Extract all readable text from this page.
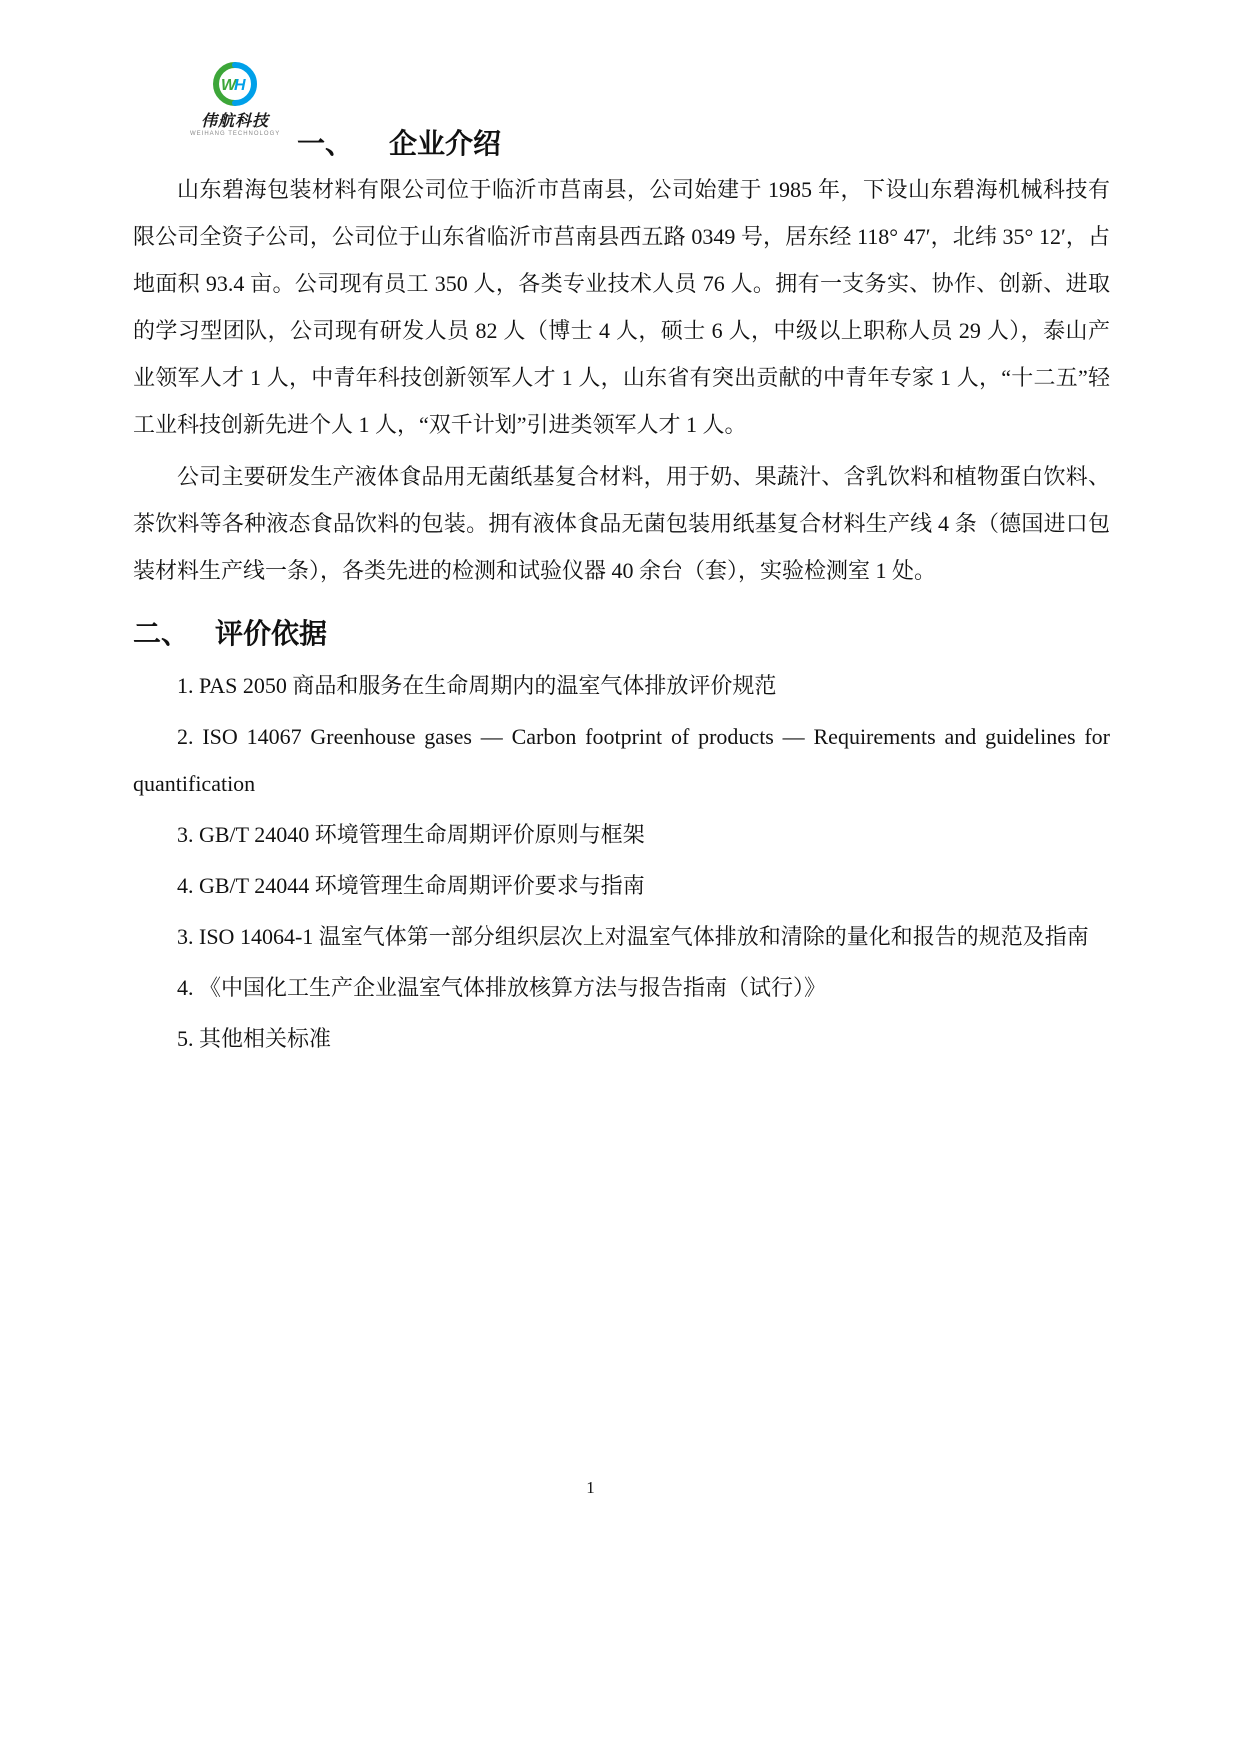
W
H
伟航科技
WEIHANG TECHNOLOGY 一、 企业介绍

山东碧海包装材料有限公司位于临沂市莒南县，公司始建于 1985 年，下设山东碧海机械科技有限公司全资子公司，公司位于山东省临沂市莒南县西五路 0349 号，居东经 118° 47′，北纬 35° 12′，占地面积 93.4 亩。公司现有员工 350 人，各类专业技术人员 76 人。拥有一支务实、协作、创新、进取的学习型团队，公司现有研发人员 82 人（博士 4 人，硕士 6 人，中级以上职称人员 29 人），泰山产业领军人才 1 人，中青年科技创新领军人才 1 人，山东省有突出贡献的中青年专家 1 人，“十二五”轻工业科技创新先进个人 1 人，“双千计划”引进类领军人才 1 人。

公司主要研发生产液体食品用无菌纸基复合材料，用于奶、果蔬汁、含乳饮料和植物蛋白饮料、茶饮料等各种液态食品饮料的包装。拥有液体食品无菌包装用纸基复合材料生产线 4 条（德国进口包装材料生产线一条），各类先进的检测和试验仪器 40 余台（套），实验检测室 1 处。

二、 评价依据

1. PAS 2050 商品和服务在生命周期内的温室气体排放评价规范

2. ISO 14067 Greenhouse gases — Carbon footprint of products — Requirements and guidelines for quantification

3. GB/T 24040 环境管理生命周期评价原则与框架

4. GB/T 24044 环境管理生命周期评价要求与指南

3. ISO 14064-1 温室气体第一部分组织层次上对温室气体排放和清除的量化和报告的规范及指南

4. 《中国化工生产企业温室气体排放核算方法与报告指南（试行）》

5. 其他相关标准

1
